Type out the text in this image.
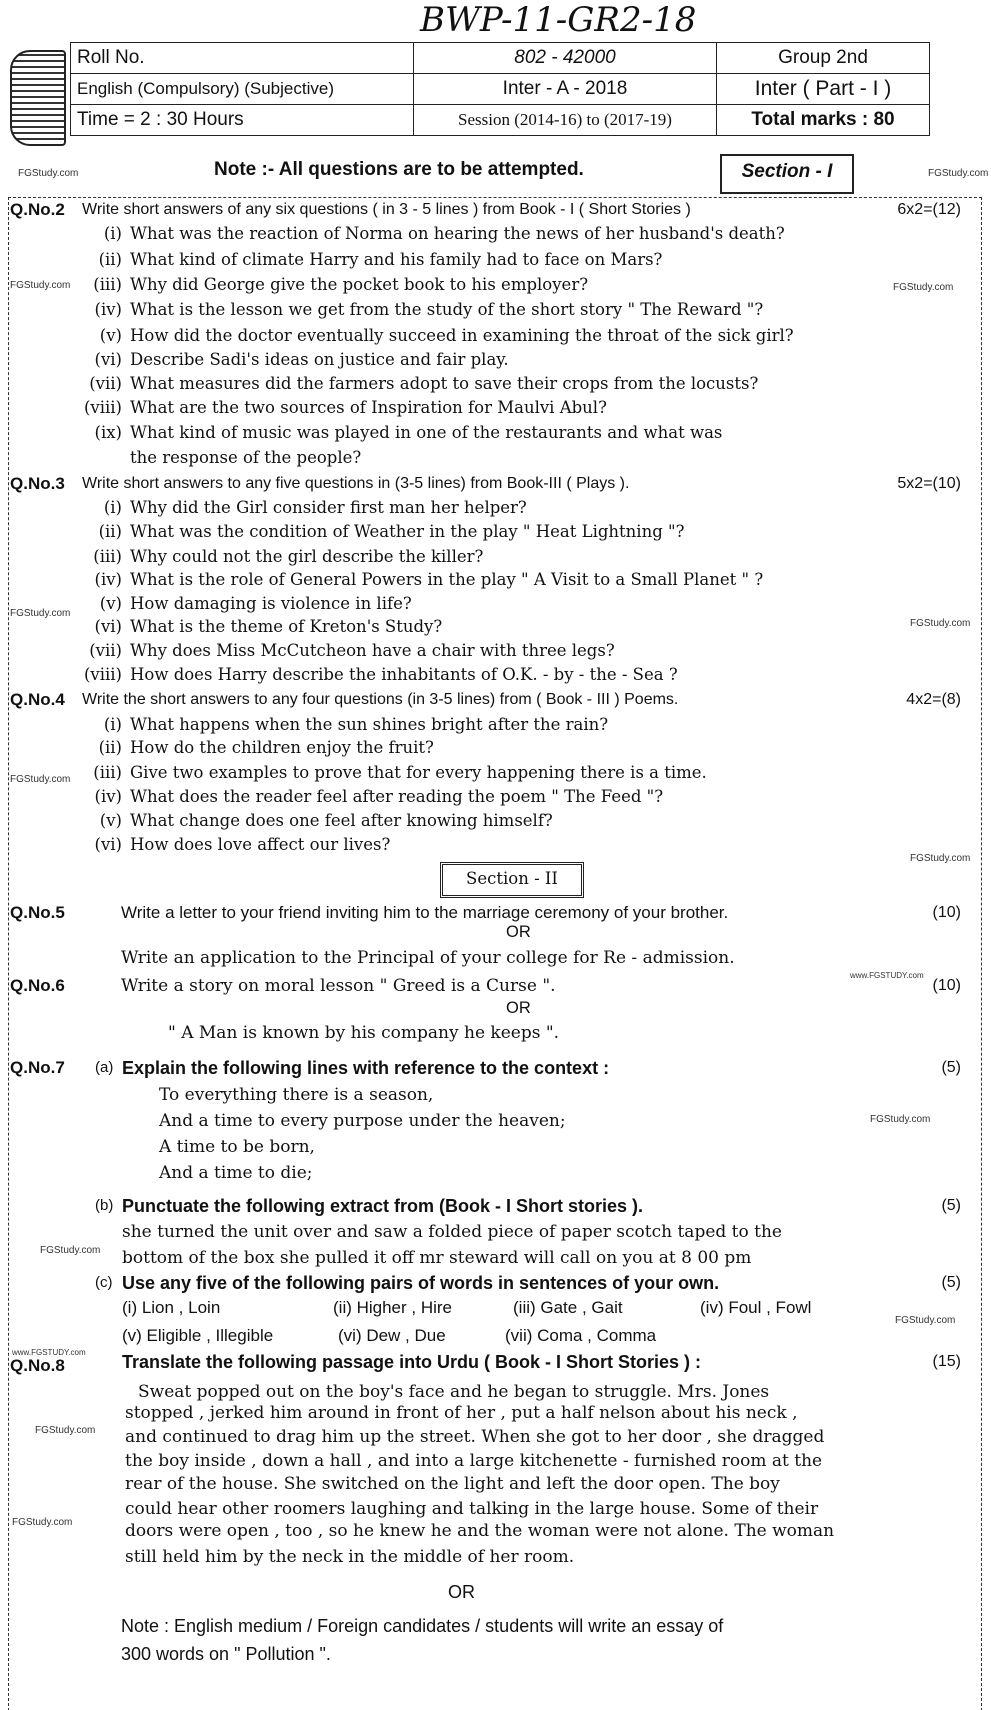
BWP-11-GR2-18
Roll No.	802 - 42000	Group 2nd
English (Compulsory) (Subjective)	Inter - A - 2018	Inter ( Part - I )
Time = 2 : 30 Hours	Session (2014-16) to (2017-19)	Total marks : 80
FGStudy.com	FGStudy.com
Note :- All questions are to be attempted.	Section - I
Q.No.2 Write short answers of any six questions ( in 3 - 5 lines ) from Book - I ( Short Stories )	6x2=(12)
(i) What was the reaction of Norma on hearing the news of her husband's death?
(ii) What kind of climate Harry and his family had to face on Mars?
(iii) Why did George give the pocket book to his employer?
(iv) What is the lesson we get from the study of the short story " The Reward "?
(v) How did the doctor eventually succeed in examining the throat of the sick girl?
(vi) Describe Sadi's ideas on justice and fair play.
(vii) What measures did the farmers adopt to save their crops from the locusts?
(viii) What are the two sources of Inspiration for Maulvi Abul?
(ix) What kind of music was played in one of the restaurants and what was
the response of the people?
FGStudy.com	FGStudy.com
Q.No.3 Write short answers to any five questions in (3-5 lines) from Book-III ( Plays ).	5x2=(10)
(i) Why did the Girl consider first man her helper?
(ii) What was the condition of Weather in the play " Heat Lightning "?
(iii) Why could not the girl describe the killer?
(iv) What is the role of General Powers in the play " A Visit to a Small Planet " ?
(v) How damaging is violence in life?
(vi) What is the theme of Kreton's Study?
(vii) Why does Miss McCutcheon have a chair with three legs?
(viii) How does Harry describe the inhabitants of O.K. - by - the - Sea ?
FGStudy.com
FGStudy.com
Q.No.4 Write the short answers to any four questions (in 3-5 lines) from ( Book - III ) Poems.	4x2=(8)
(i) What happens when the sun shines bright after the rain?
(ii) How do the children enjoy the fruit?
(iii) Give two examples to prove that for every happening there is a time.
(iv) What does the reader feel after reading the poem " The Feed "?
(v) What change does one feel after knowing himself?
(vi) How does love affect our lives?
FGStudy.com
FGStudy.com
Section - II
Q.No.5	Write a letter to your friend inviting him to the marriage ceremony of your brother.	(10)
OR
Write an application to the Principal of your college for Re - admission.
Q.No.6	Write a story on moral lesson " Greed is a Curse ".	(10)
www.FGSTUDY.com
OR
" A Man is known by his company he keeps ".
Q.No.7 (a) Explain the following lines with reference to the context :	(5)
To everything there is a season,
And a time to every purpose under the heaven;
A time to be born,
And a time to die;
FGStudy.com
(b) Punctuate the following extract from (Book - I Short stories ).	(5)
she turned the unit over and saw a folded piece of paper scotch taped to the
bottom of the box she pulled it off mr steward will call on you at 8 00 pm
FGStudy.com
(c) Use any five of the following pairs of words in sentences of your own.	(5)
(i) Lion , Loin	(ii) Higher , Hire	(iii) Gate , Gait	(iv) Foul , Fowl
(v) Eligible , Illegible	(vi) Dew , Due	(vii) Coma , Comma
FGStudy.com
www.FGSTUDY.com
Q.No.8	Translate the following passage into Urdu ( Book - I Short Stories ) :	(15)
Sweat popped out on the boy's face and he began to struggle. Mrs. Jones
stopped , jerked him around in front of her , put a half nelson about his neck ,
and continued to drag him up the street. When she got to her door , she dragged
the boy inside , down a hall , and into a large kitchenette - furnished room at the
rear of the house. She switched on the light and left the door open. The boy
could hear other roomers laughing and talking in the large house. Some of their
doors were open , too , so he knew he and the woman were not alone. The woman
still held him by the neck in the middle of her room.
FGStudy.com
FGStudy.com
OR
Note : English medium / Foreign candidates / students will write an essay of
300 words on " Pollution ".
